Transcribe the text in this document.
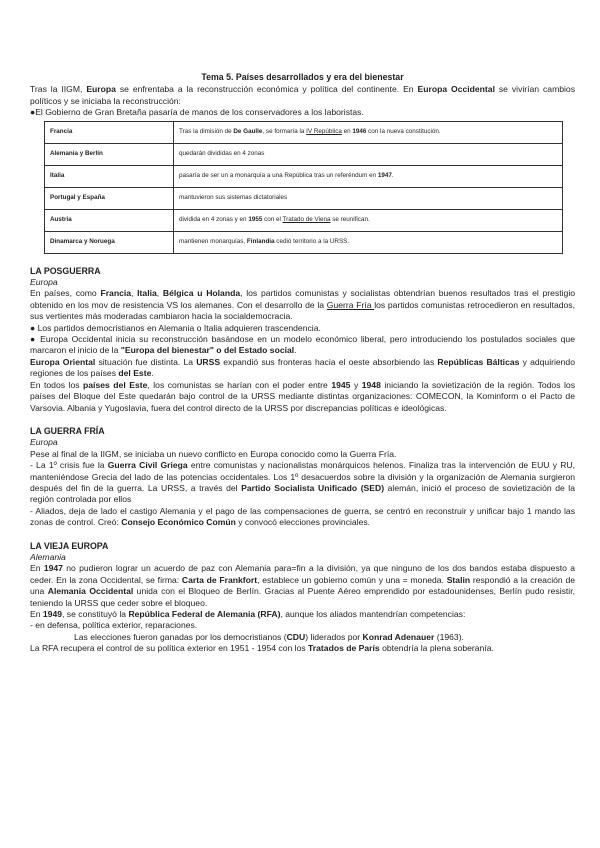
Tema 5. Países desarrollados y era del bienestar

Tras la IIGM, Europa se enfrentaba a la reconstrucción económica y política del continente. En Europa Occidental se vivirían cambios políticos y se iniciaba la reconstrucción:

●El Gobierno de Gran Bretaña pasaría de manos de los conservadores a los laboristas.

Francia	Tras la dimisión de De Gaulle, se formaría la IV República en 1946 con la nueva constitución.
Alemania y Berlín	quedarán divididas en 4 zonas
Italia	pasaría de ser un a monarquía a una República tras un referéndum en 1947.
Portugal y España	mantuvieron sus sistemas dictatoriales
Austria	dividida en 4 zonas y en 1955 con el Tratado de Viena se reunifican.
Dinamarca y Noruega	mantienen monarquías, Finlandia cedió territorio a la URSS.
LA POSGUERRA
Europa

En países, como Francia, Italia, Bélgica u Holanda, los partidos comunistas y socialistas obtendrían buenos resultados tras el prestigio obtenido en los mov de resistencia VS los alemanes. Con el desarrollo de la Guerra Fría los partidos comunistas retrocedieron en resultados, sus vertientes más moderadas cambiaron hacia la socialdemocracia.

● Los partidos democristianos en Alemania o Italia adquieren trascendencia.

● Europa Occidental inicia su reconstrucción basándose en un modelo económico liberal, pero introduciendo los postulados sociales que marcaron el inicio de la "Europa del bienestar" o del Estado social.

Europa Oriental situación fue distinta. La URSS expandió sus fronteras hacia el oeste absorbiendo las Repúblicas Bálticas y adquiriendo regiones de los países del Este.

En todos los países del Este, los comunistas se harían con el poder entre 1945 y 1948 iniciando la sovietización de la región. Todos los países del Bloque del Este quedarán bajo control de la URSS mediante distintas organizaciones: COMECON, la Kominform o el Pacto de Varsovia. Albania y Yugoslavia, fuera del control directo de la URSS por discrepancias políticas e ideológicas.

LA GUERRA FRÍA
Europa

Pese al final de la IIGM, se iniciaba un nuevo conflicto en Europa conocido como la Guerra Fría.

- La 1º crisis fue la Guerra Civil Griega entre comunistas y nacionalistas monárquicos helenos. Finaliza tras la intervención de EUU y RU, manteniéndose Grecia del lado de las potencias occidentales. Los 1º desacuerdos sobre la división y la organización de Alemania surgieron después del fin de la guerra. La URSS, a través del Partido Socialista Unificado (SED) alemán, inició el proceso de sovietización de la región controlada por ellos

- Aliados, deja de lado el castigo Alemania y el pago de las compensaciones de guerra, se centró en reconstruir y unificar bajo 1 mando las zonas de control. Creó: Consejo Económico Común y convocó elecciones provinciales.

LA VIEJA EUROPA
Alemania

En 1947 no pudieron lograr un acuerdo de paz con Alemania para=fin a la división, ya que ninguno de los dos bandos estaba dispuesto a ceder. En la zona Occidental, se firma: Carta de Frankfort, establece un gobierno común y una = moneda. Stalin respondió a la creación de una Alemania Occidental unida con el Bloqueo de Berlín. Gracias al Puente Aéreo emprendido por estadounidenses, Berlín pudo resistir, teniendo la URSS que ceder sobre el bloqueo.

En 1949, se constituyó la República Federal de Alemania (RFA), aunque los aliados mantendrían competencias:

- en defensa, política exterior, reparaciones.

Las elecciones fueron ganadas por los democristianos (CDU) liderados por Konrad Adenauer (1963).

La RFA recupera el control de su política exterior en 1951 - 1954 con los Tratados de París obtendría la plena soberanía.
